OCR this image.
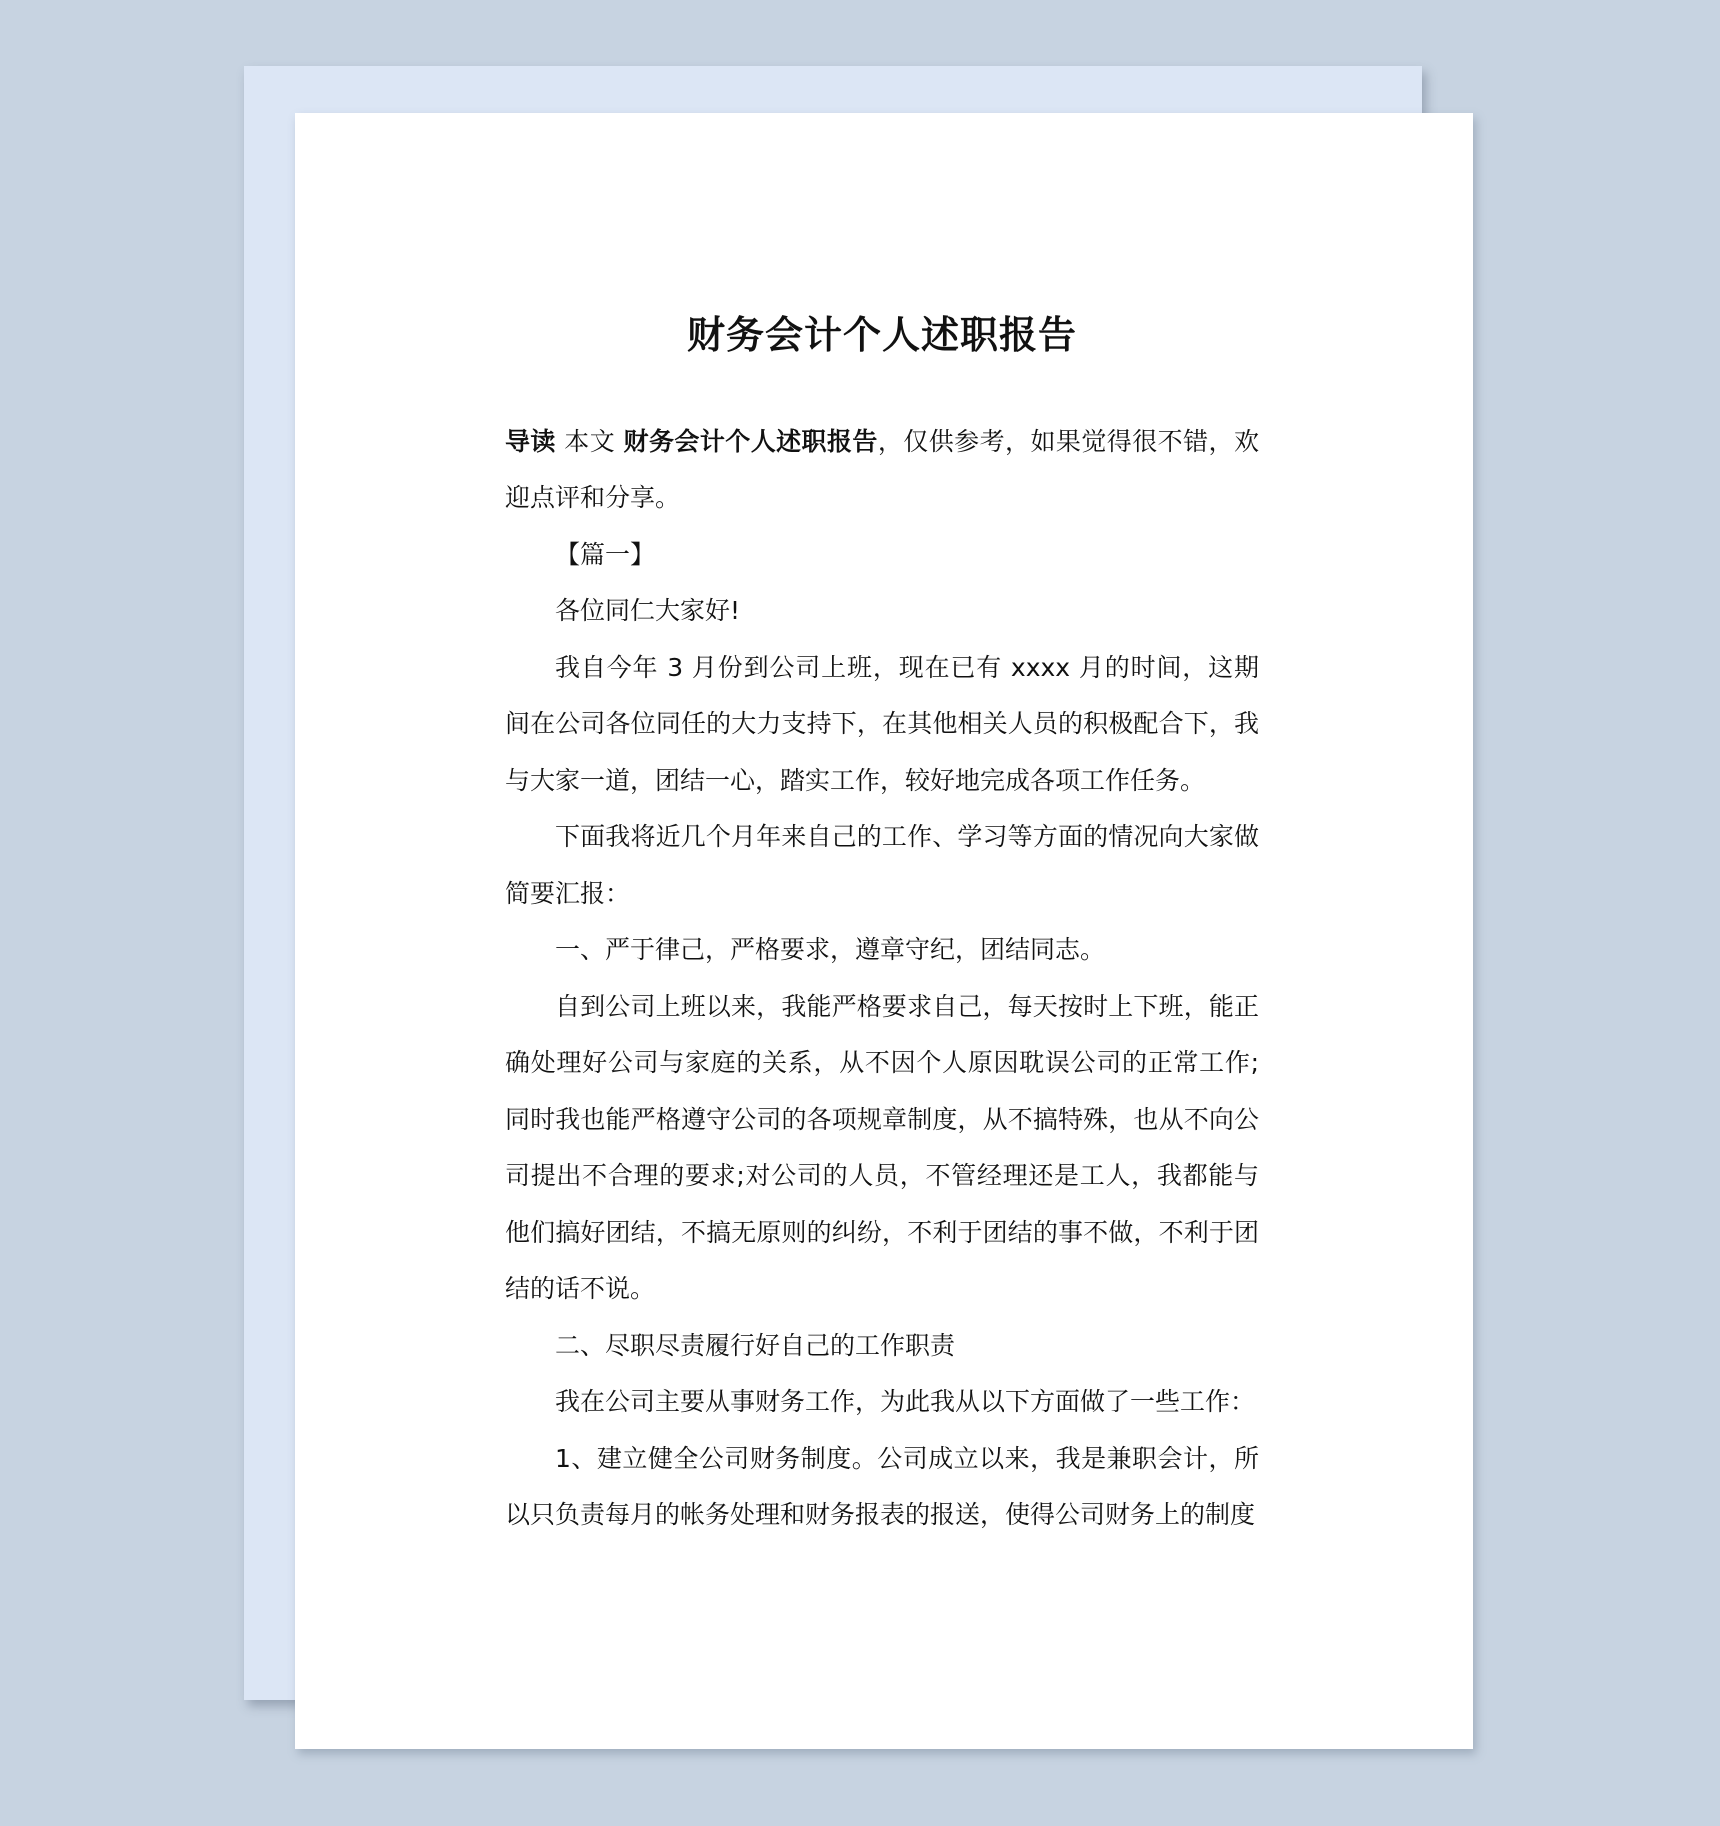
财务会计个人述职报告

导读 本文 财务会计个人述职报告，仅供参考，如果觉得很不错，欢迎点评和分享。

【篇一】

各位同仁大家好!

我自今年 3 月份到公司上班，现在已有 xxxx 月的时间，这期间在公司各位同任的大力支持下，在其他相关人员的积极配合下，我与大家一道，团结一心，踏实工作，较好地完成各项工作任务。

下面我将近几个月年来自己的工作、学习等方面的情况向大家做简要汇报：

一、严于律己，严格要求，遵章守纪，团结同志。

自到公司上班以来，我能严格要求自己，每天按时上下班，能正确处理好公司与家庭的关系，从不因个人原因耽误公司的正常工作;同时我也能严格遵守公司的各项规章制度，从不搞特殊，也从不向公司提出不合理的要求;对公司的人员，不管经理还是工人，我都能与他们搞好团结，不搞无原则的纠纷，不利于团结的事不做，不利于团结的话不说。

二、尽职尽责履行好自己的工作职责

我在公司主要从事财务工作，为此我从以下方面做了一些工作：

1、建立健全公司财务制度。公司成立以来，我是兼职会计，所以只负责每月的帐务处理和财务报表的报送，使得公司财务上的制度
